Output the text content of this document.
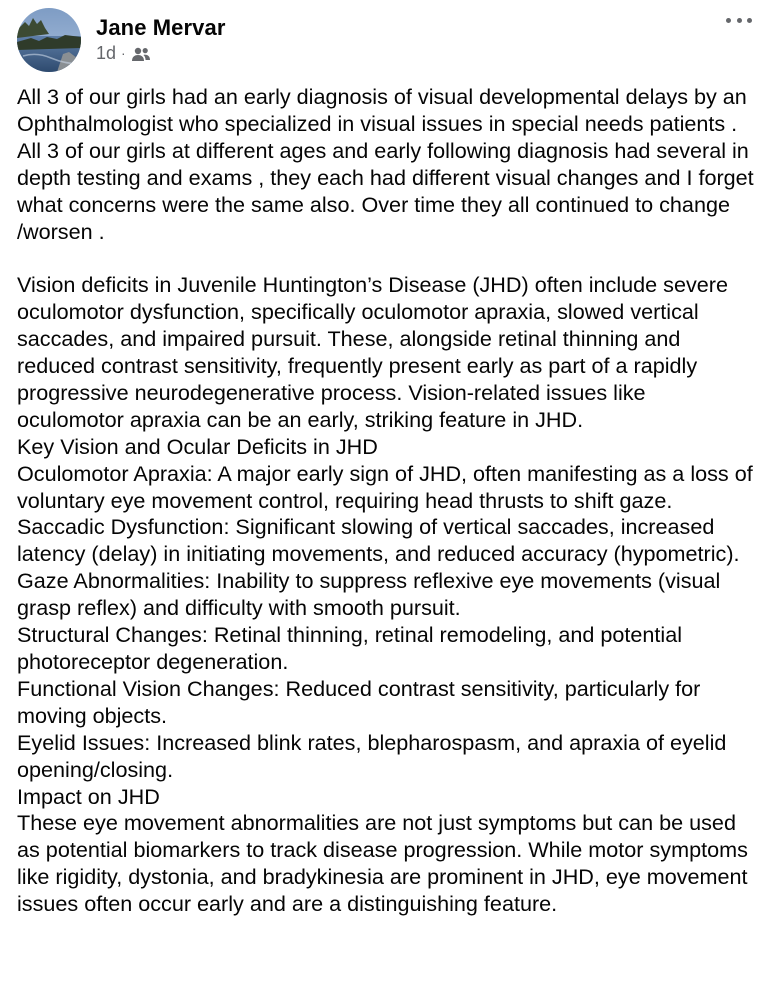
Jane Mervar
1d ·

All 3 of our girls had an early diagnosis of visual developmental delays by an Ophthalmologist who specialized in visual issues in special needs patients . All 3 of our girls at different ages and early following diagnosis had several in depth testing and exams , they each had different visual changes and I forget what concerns were the same also. Over time they all continued to change /worsen .

Vision deficits in Juvenile Huntington’s Disease (JHD) often include severe oculomotor dysfunction, specifically oculomotor apraxia, slowed vertical saccades, and impaired pursuit. These, alongside retinal thinning and reduced contrast sensitivity, frequently present early as part of a rapidly progressive neurodegenerative process. Vision-related issues like oculomotor apraxia can be an early, striking feature in JHD.

Key Vision and Ocular Deficits in JHD

Oculomotor Apraxia: A major early sign of JHD, often manifesting as a loss of voluntary eye movement control, requiring head thrusts to shift gaze.

Saccadic Dysfunction: Significant slowing of vertical saccades, increased latency (delay) in initiating movements, and reduced accuracy (hypometric).

Gaze Abnormalities: Inability to suppress reflexive eye movements (visual grasp reflex) and difficulty with smooth pursuit.

Structural Changes: Retinal thinning, retinal remodeling, and potential photoreceptor degeneration.

Functional Vision Changes: Reduced contrast sensitivity, particularly for moving objects.

Eyelid Issues: Increased blink rates, blepharospasm, and apraxia of eyelid opening/closing.

Impact on JHD

These eye movement abnormalities are not just symptoms but can be used as potential biomarkers to track disease progression. While motor symptoms like rigidity, dystonia, and bradykinesia are prominent in JHD, eye movement issues often occur early and are a distinguishing feature.
